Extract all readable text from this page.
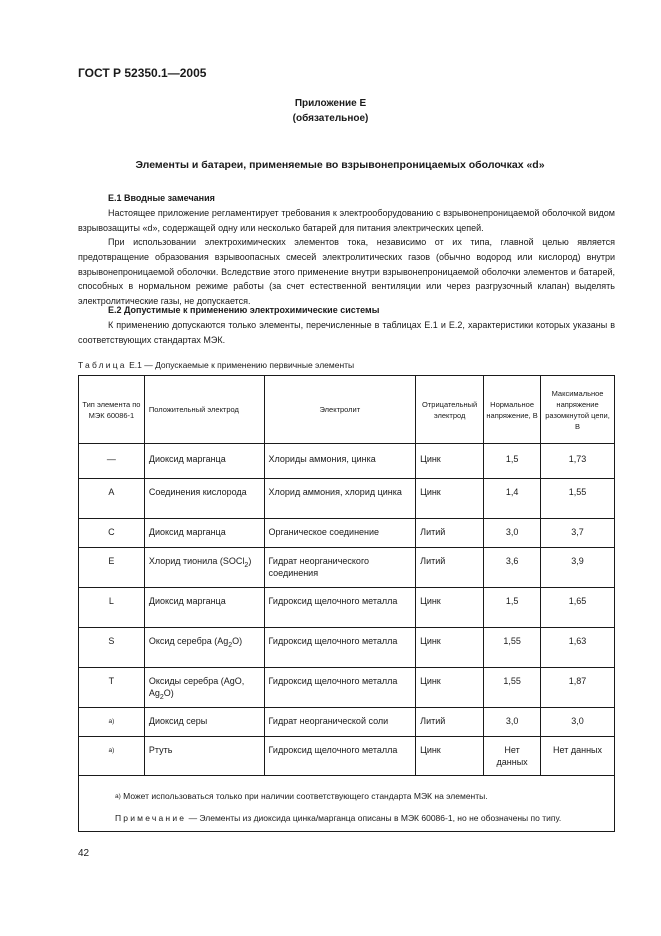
ГОСТ Р 52350.1—2005
Приложение Е
(обязательное)
Элементы и батареи, применяемые во взрывонепроницаемых оболочках «d»
Е.1 Вводные замечания
Настоящее приложение регламентирует требования к электрооборудованию с взрывонепроницаемой оболочкой видом взрывозащиты «d», содержащей одну или несколько батарей для питания электрических цепей.
При использовании электрохимических элементов тока, независимо от их типа, главной целью является предотвращение образования взрывоопасных смесей электролитических газов (обычно водород или кислород) внутри взрывонепроницаемой оболочки. Вследствие этого применение внутри взрывонепроницаемой оболочки элементов и батарей, способных в нормальном режиме работы (за счет естественной вентиляции или через разгрузочный клапан) выделять электролитические газы, не допускается.
Е.2 Допустимые к применению электрохимические системы
К применению допускаются только элементы, перечисленные в таблицах Е.1 и Е.2, характеристики которых указаны в соответствующих стандартах МЭК.
Таблица Е.1 — Допускаемые к применению первичные элементы
Тип элемента по МЭК 60086-1	Положительный электрод	Электролит	Отрицательный электрод	Нормальное напряжение, В	Максимальное напряжение разомкнутой цепи, В
—	Диоксид марганца	Хлориды аммония, цинка	Цинк	1,5	1,73
A	Соединения кислорода	Хлорид аммония, хлорид цинка	Цинк	1,4	1,55
C	Диоксид марганца	Органическое соединение	Литий	3,0	3,7
E	Хлорид тионила (SOCl$_2$)	Гидрат неорганического соединения	Литий	3,6	3,9
L	Диоксид марганца	Гидроксид щелочного металла	Цинк	1,5	1,65
S	Оксид серебра $(Ag_2O)$	Гидроксид щелочного металла	Цинк	1,55	1,63
T	Оксиды серебра (AgO, $Ag_2O$)	Гидроксид щелочного металла	Цинк	1,55	1,87
a)	Диоксид серы	Гидрат неорганической соли	Литий	3,0	3,0
a)	Ртуть	Гидроксид щелочного металла	Цинк	Нет данных	Нет данных

$^{a)}$ Может использоваться только при наличии соответствующего стандарта МЭК на элементы.
Примечание — Элементы из диоксида цинка/марганца описаны в МЭК 60086-1, но не обозначены по типу.					
42
